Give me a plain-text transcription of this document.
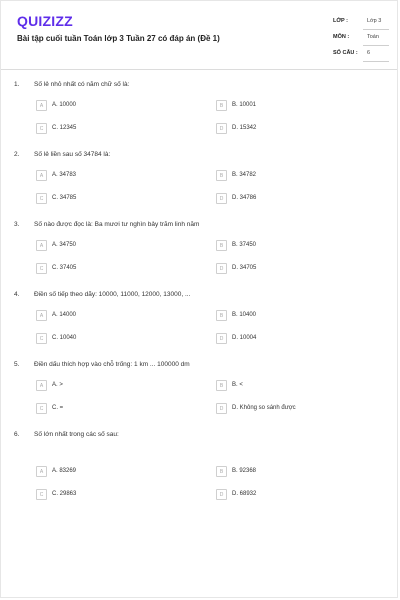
QUIZIZZ
Bài tập cuối tuần Toán lớp 3 Tuần 27 có đáp án (Đề 1)
LỚP :	Lớp 3
MÔN :	Toán
SỐ CÂU : 6
1. Số lẻ nhỏ nhất có năm chữ số là:
A	A. 10000	B	B. 10001
C	C. 12345	D	D. 15342
2. Số lẻ liền sau số 34784 là:
A	A. 34783	B	B. 34782
C	C. 34785	D	D. 34786
3. Số nào được đọc là: Ba mươi tư nghìn bảy trăm linh năm
A	A. 34750	B	B. 37450
C	C. 37405	D	D. 34705
4. Điền số tiếp theo dãy: 10000, 11000, 12000, 13000, ...
A	A. 14000	B	B. 10400
C	C. 10040	D	D. 10004
5. Điền dấu thích hợp vào chỗ trống: 1 km ... 100000 dm
A	A. >	B	B. <
C	C. =	D	D. Không so sánh được
6. Số lớn nhất trong các số sau:
A	A. 83269	B	B. 92368
C	C. 29863	D	D. 68932
